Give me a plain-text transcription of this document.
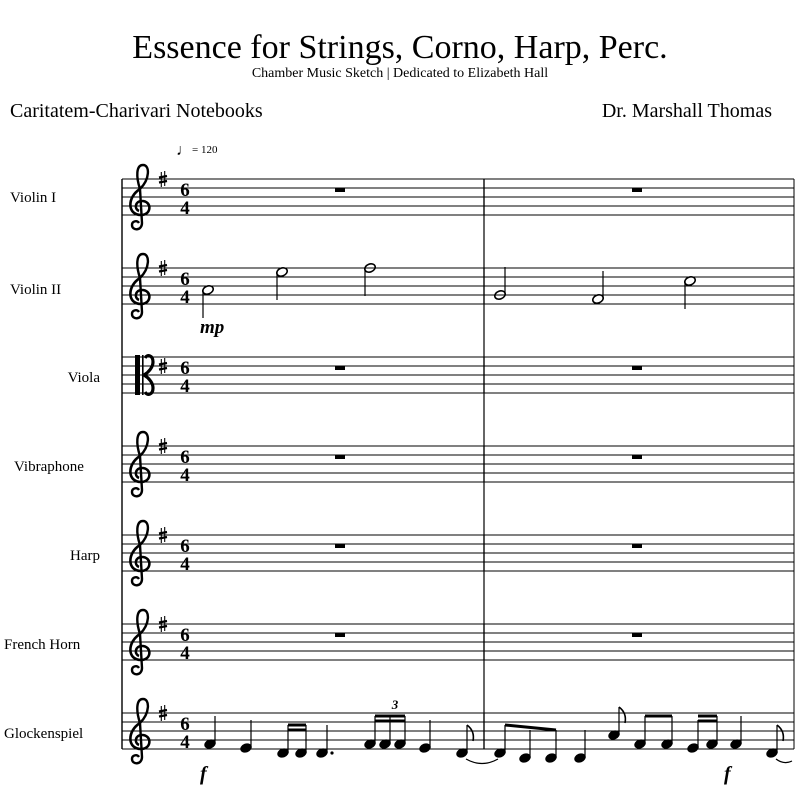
Essence for Strings, Corno, Harp, Perc.
Chamber Music Sketch | Dedicated to Elizabeth Hall
Caritatem-Charivari Notebooks	Dr. Marshall Thomas
♩= 120
Violin I
Violin II
Viola
Vibraphone
Harp
French Horn
Glockenspiel
6
4
6
4
6
4
6
4
6
4
6
4
6
4
mp
3
f	f
